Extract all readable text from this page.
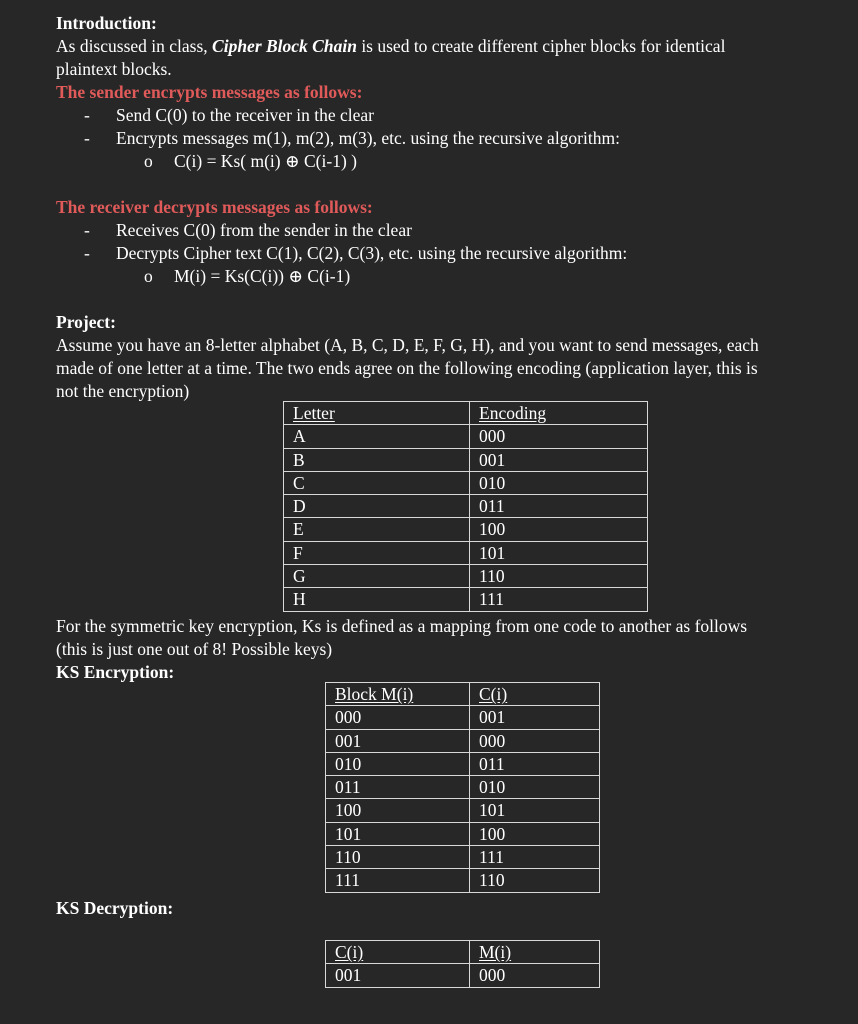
Introduction:
As discussed in class, Cipher Block Chain is used to create different cipher blocks for identical
plaintext blocks.
The sender encrypts messages as follows:
- Send C(0) to the receiver in the clear
- Encrypts messages m(1), m(2), m(3), etc. using the recursive algorithm:
o C(i) = Ks( m(i) ⊕ C(i-1) )
The receiver decrypts messages as follows:
- Receives C(0) from the sender in the clear
- Decrypts Cipher text C(1), C(2), C(3), etc. using the recursive algorithm:
o M(i) = Ks(C(i)) ⊕ C(i-1)
Project:
Assume you have an 8-letter alphabet (A, B, C, D, E, F, G, H), and you want to send messages, each
made of one letter at a time. The two ends agree on the following encoding (application layer, this is
not the encryption)
Letter	Encoding
A	000
B	001
C	010
D	011
E	100
F	101
G	110
H	111
For the symmetric key encryption, Ks is defined as a mapping from one code to another as follows
(this is just one out of 8! Possible keys)
KS Encryption:
Block M(i)	C(i)
000	001
001	000
010	011
011	010
100	101
101	100
110	111
111	110
KS Decryption:
C(i)	M(i)
001	000
